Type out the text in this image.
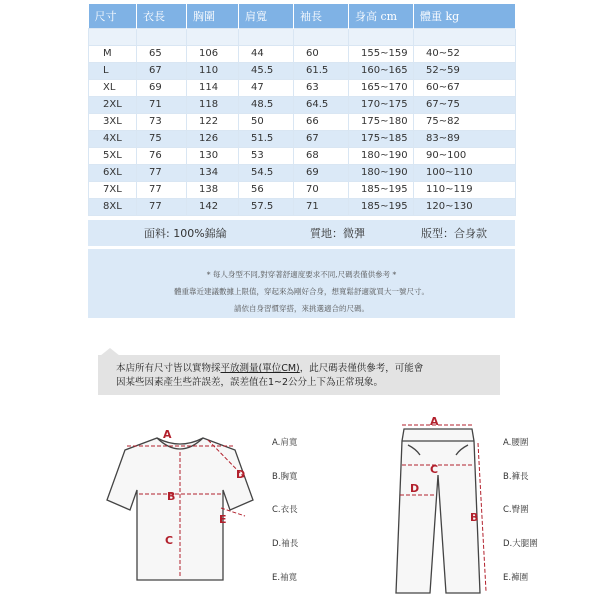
尺寸	衣長	胸圍	肩寬	袖長	身高 cm	體重 kg

M	65	106	44	60	155~159	40~52
L	67	110	45.5	61.5	160~165	52~59
XL	69	114	47	63	165~170	60~67
2XL	71	118	48.5	64.5	170~175	67~75
3XL	73	122	50	66	175~180	75~82
4XL	75	126	51.5	67	175~185	83~89
5XL	76	130	53	68	180~190	90~100
6XL	77	134	54.5	69	180~190	100~110
7XL	77	138	56	70	185~195	110~119
8XL	77	142	57.5	71	185~195	120~130
面料: 100%錦綸	質地：微彈	版型：合身款
* 每人身型不同,對穿著舒適度要求不同,尺碼表僅供參考 *
體重靠近建議數據上限值，穿起來為剛好合身，想寬鬆舒適就買大一號尺寸。
請依自身習慣穿搭，來挑選適合的尺碼。
本店所有尺寸皆以實物採平放測量(單位CM)，此尺碼表僅供參考，可能會
因某些因素產生些許誤差，誤差值在1~2公分上下為正常現象。
A
B
C
D
E
A.肩寬
B.胸寬
C.衣長
D.袖長
E.袖寬
A
C
D
B
A.腰圍
B.褲長
C.臀圍
D.大腿圍
E.褲圍
